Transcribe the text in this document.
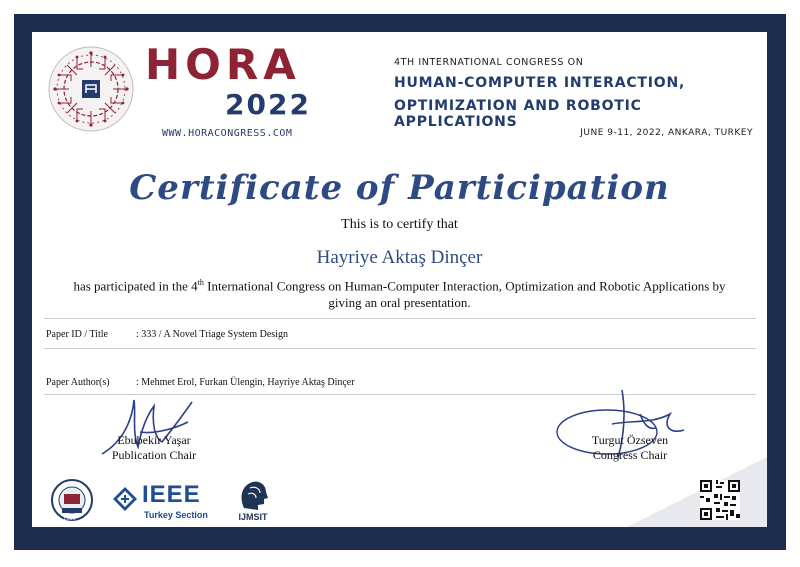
HORA
2022
WWW.HORACONGRESS.COM
4TH INTERNATIONAL CONGRESS ON
HUMAN-COMPUTER INTERACTION,
OPTIMIZATION AND ROBOTIC APPLICATIONS
JUNE 9-11, 2022, ANKARA, TURKEY
Certificate of Participation
This is to certify that
Hayriye Aktaş Dinçer
has participated in the 4th International Congress on Human-Computer Interaction, Optimization and Robotic Applications by
giving an oral presentation.
Paper ID / Title	: 333 / A Novel Triage System Design
Paper Author(s)	: Mehmet Erol, Furkan Ülengin, Hayriye Aktaş Dinçer
Ebubekir Yaşar
Publication Chair
Turgut Özseven
Congress Chair
1980
IEEE
Turkey Section	IJMSIT
